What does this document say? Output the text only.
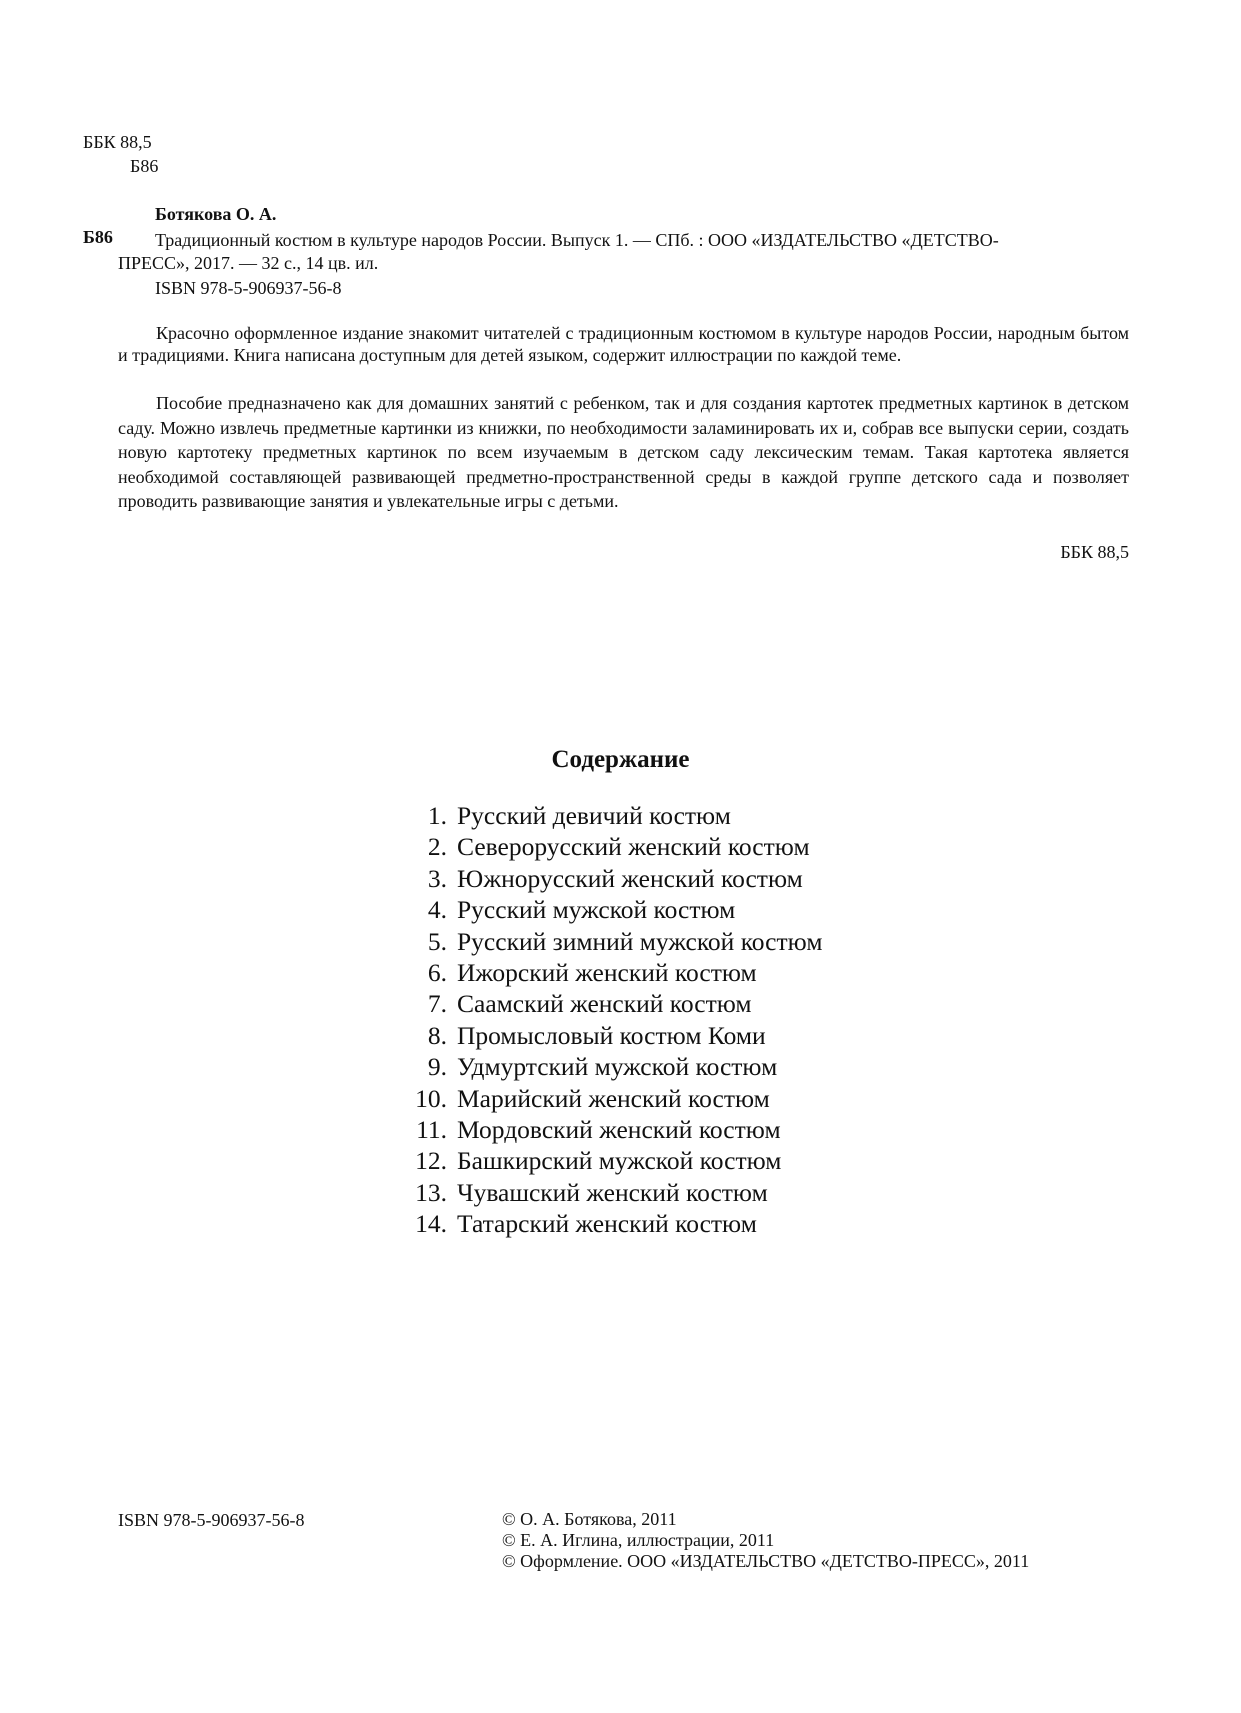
ББК 88,5
Б86
Ботякова О. А.
Б86 Традиционный костюм в культуре народов России. Выпуск 1. — СПб. : ООО «ИЗДАТЕЛЬСТВО «ДЕТСТВО-
ПРЕСС», 2017. — 32 с., 14 цв. ил.
ISBN 978-5-906937-56-8

Красочно оформленное издание знакомит читателей с традиционным костюмом в культуре народов России, народным бытом и традициями. Книга написана доступным для детей языком, содержит иллюстрации по каждой теме.

Пособие предназначено как для домашних занятий с ребенком, так и для создания картотек предметных картинок в детском саду. Можно извлечь предметные картинки из книжки, по необходимости заламинировать их и, собрав все выпуски серии, создать новую картотеку предметных картинок по всем изучаемым в детском саду лексическим темам. Такая картотека является необходимой составляющей развивающей предметно-пространственной среды в каждой группе детского сада и позволяет проводить развивающие занятия и увлекательные игры с детьми.

ББК 88,5
Содержание
1. Русский девичий костюм
2. Северорусский женский костюм
3. Южнорусский женский костюм
4. Русский мужской костюм
5. Русский зимний мужской костюм
6. Ижорский женский костюм
7. Саамский женский костюм
8. Промысловый костюм Коми
9. Удмуртский мужской костюм
10. Марийский женский костюм
11. Мордовский женский костюм
12. Башкирский мужской костюм
13. Чувашский женский костюм
14. Татарский женский костюм
ISBN 978-5-906937-56-8	© О. А. Ботякова, 2011
© Е. А. Иглина, иллюстрации, 2011
© Оформление. ООО «ИЗДАТЕЛЬСТВО «ДЕТСТВО-ПРЕСС», 2011
